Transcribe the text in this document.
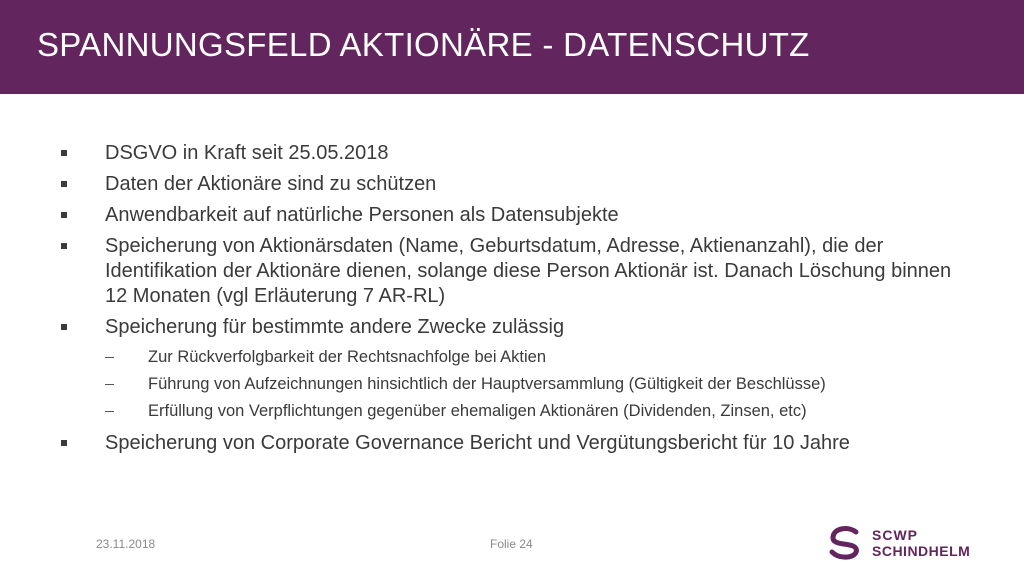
SPANNUNGSFELD AKTIONÄRE - DATENSCHUTZ
DSGVO in Kraft seit 25.05.2018
Daten der Aktionäre sind zu schützen
Anwendbarkeit auf natürliche Personen als Datensubjekte
Speicherung von Aktionärsdaten (Name, Geburtsdatum, Adresse, Aktienanzahl), die der Identifikation der Aktionäre dienen, solange diese Person Aktionär ist. Danach Löschung binnen 12 Monaten (vgl Erläuterung 7 AR-RL)
Speicherung für bestimmte andere Zwecke zulässig
Zur Rückverfolgbarkeit der Rechtsnachfolge bei Aktien
Führung von Aufzeichnungen hinsichtlich der Hauptversammlung (Gültigkeit der Beschlüsse)
Erfüllung von Verpflichtungen gegenüber ehemaligen Aktionären (Dividenden, Zinsen, etc)
Speicherung von Corporate Governance Bericht und Vergütungsbericht für 10 Jahre
23.11.2018	Folie 24
SCWP
SCHINDHELM
